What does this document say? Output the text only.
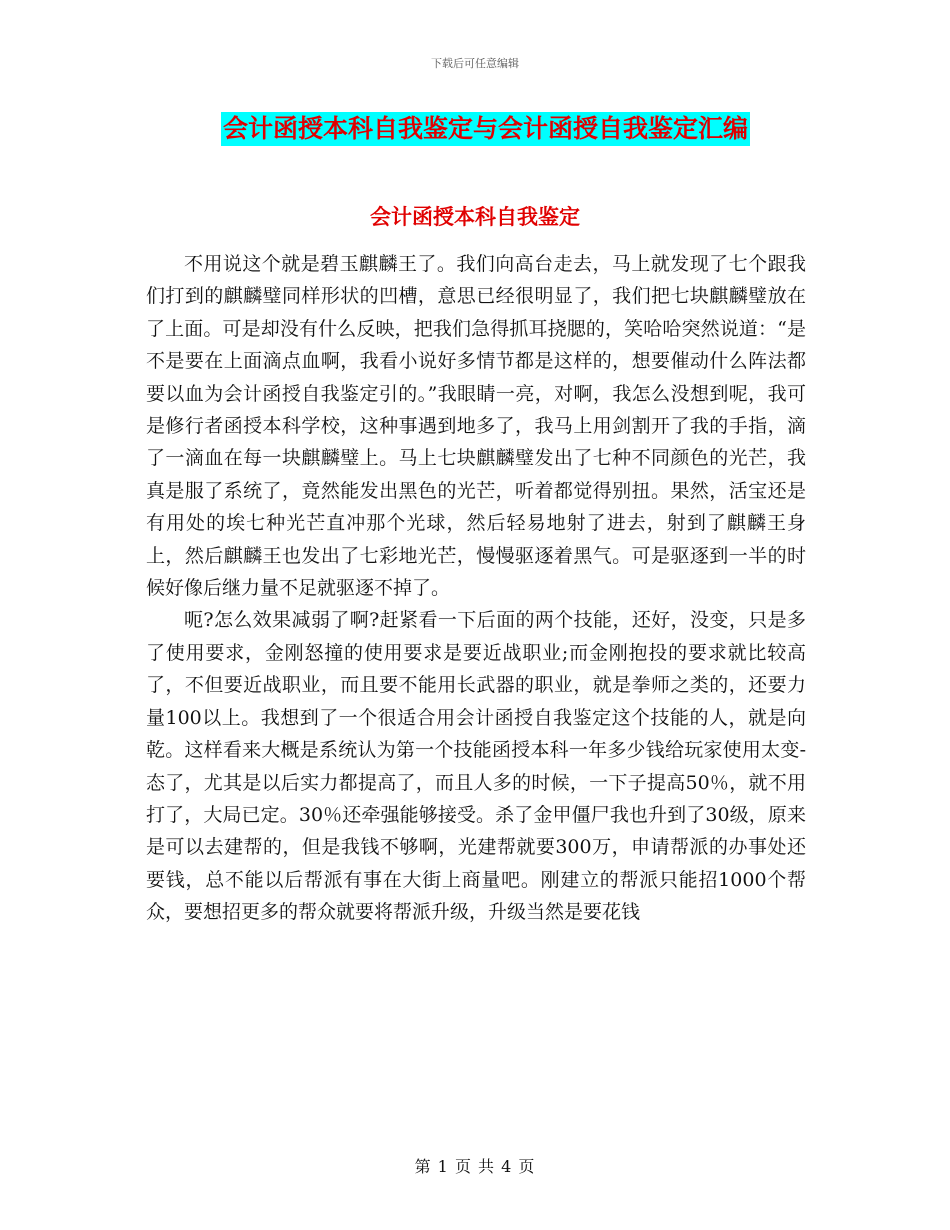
下载后可任意编辑
会计函授本科自我鉴定与会计函授自我鉴定汇编
会计函授本科自我鉴定

不用说这个就是碧玉麒麟王了。我们向高台走去，马上就发现了七个跟我们打到的麒麟璧同样形状的凹槽，意思已经很明显了，我们把七块麒麟璧放在了上面。可是却没有什么反映，把我们急得抓耳挠腮的，笑哈哈突然说道：“是不是要在上面滴点血啊，我看小说好多情节都是这样的，想要催动什么阵法都要以血为会计函授自我鉴定引的。”我眼睛一亮，对啊，我怎么没想到呢，我可是修行者函授本科学校，这种事遇到地多了，我马上用剑割开了我的手指，滴了一滴血在每一块麒麟璧上。马上七块麒麟璧发出了七种不同颜色的光芒，我真是服了系统了，竟然能发出黑色的光芒，听着都觉得别扭。果然，活宝还是有用处的埃七种光芒直冲那个光球，然后轻易地射了进去，射到了麒麟王身上，然后麒麟王也发出了七彩地光芒，慢慢驱逐着黑气。可是驱逐到一半的时候好像后继力量不足就驱逐不掉了。

呃?怎么效果减弱了啊?赶紧看一下后面的两个技能，还好，没变，只是多了使用要求，金刚怒撞的使用要求是要近战职业;而金刚抱投的要求就比较高了，不但要近战职业，而且要不能用长武器的职业，就是拳师之类的，还要力量100以上。我想到了一个很适合用会计函授自我鉴定这个技能的人，就是向乾。这样看来大概是系统认为第一个技能函授本科一年多少钱给玩家使用太变-态了，尤其是以后实力都提高了，而且人多的时候，一下子提高50％，就不用打了，大局已定。30％还牵强能够接受。杀了金甲僵尸我也升到了30级，原来是可以去建帮的，但是我钱不够啊，光建帮就要300万，申请帮派的办事处还要钱，总不能以后帮派有事在大街上商量吧。刚建立的帮派只能招1000个帮众，要想招更多的帮众就要将帮派升级，升级当然是要花钱

第 1 页 共 4 页
